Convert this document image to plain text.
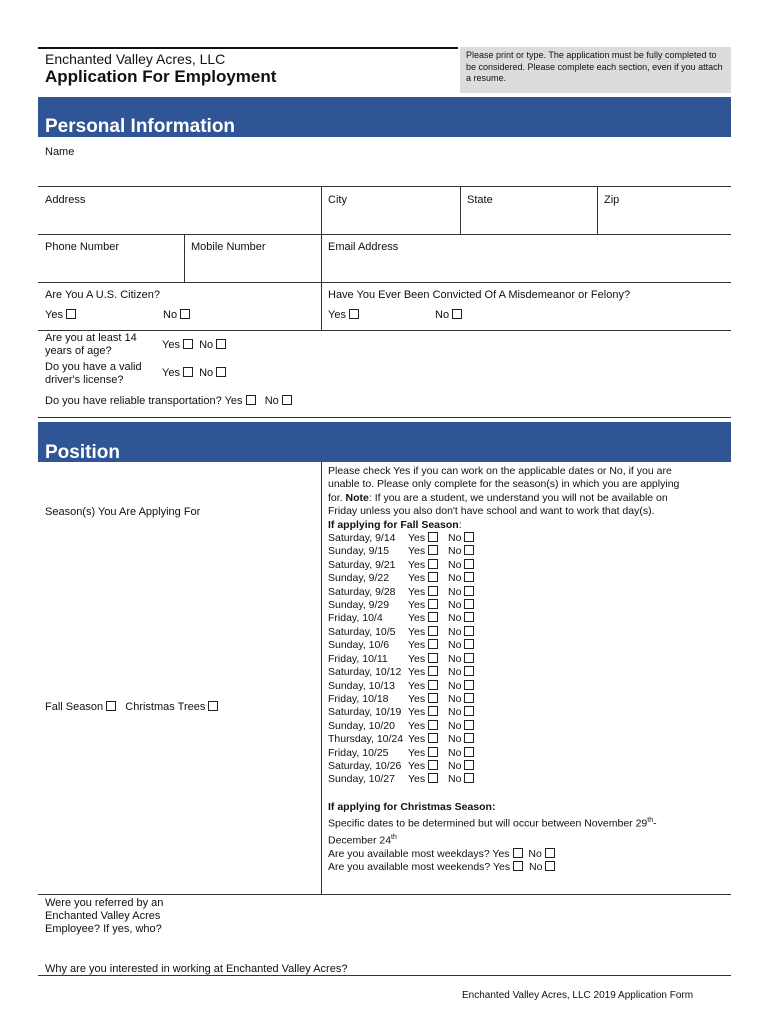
Enchanted Valley Acres, LLC
Application For Employment
Please print or type. The application must be fully completed to be considered. Please complete each section, even if you attach a resume.
Personal Information
Name
Address	City	State	Zip
Phone Number	Mobile Number	Email Address
Are You A U.S. Citizen?
Yes	No
Have You Ever Been Convicted Of A Misdemeanor or Felony?
Yes	No
Are you at least 14
years of age?	Yes No
Do you have a valid
driver's license?
Yes No
Do you have reliable transportation? Yes No
Position
Season(s) You Are Applying For
Fall Season Christmas Trees
Please check Yes if you can work on the applicable dates or No, if you are
unable to. Please only complete for the season(s) in which you are applying
for. Note: If you are a student, we understand you will not be available on
Friday unless you also don't have school and want to work that day(s).
If applying for Fall Season:
Saturday, 9/14 Yes No
Sunday, 9/15 Yes No
Saturday, 9/21 Yes No
Sunday, 9/22 Yes No
Saturday, 9/28 Yes No
Sunday, 9/29 Yes No
Friday, 10/4 Yes No
Saturday, 10/5 Yes No
Sunday, 10/6 Yes No
Friday, 10/11 Yes No
Saturday, 10/12 Yes No
Sunday, 10/13 Yes No
Friday, 10/18 Yes No
Saturday, 10/19 Yes No
Sunday, 10/20 Yes No
Thursday, 10/24 Yes No
Friday, 10/25 Yes No
Saturday, 10/26 Yes No
Sunday, 10/27 Yes No
If applying for Christmas Season:
Specific dates to be determined but will occur between November 29th-
December 24th
Are you available most weekdays? Yes No
Are you available most weekends? Yes No
Were you referred by an
Enchanted Valley Acres
Employee? If yes, who?
Why are you interested in working at Enchanted Valley Acres?
Enchanted Valley Acres, LLC 2019 Application Form
